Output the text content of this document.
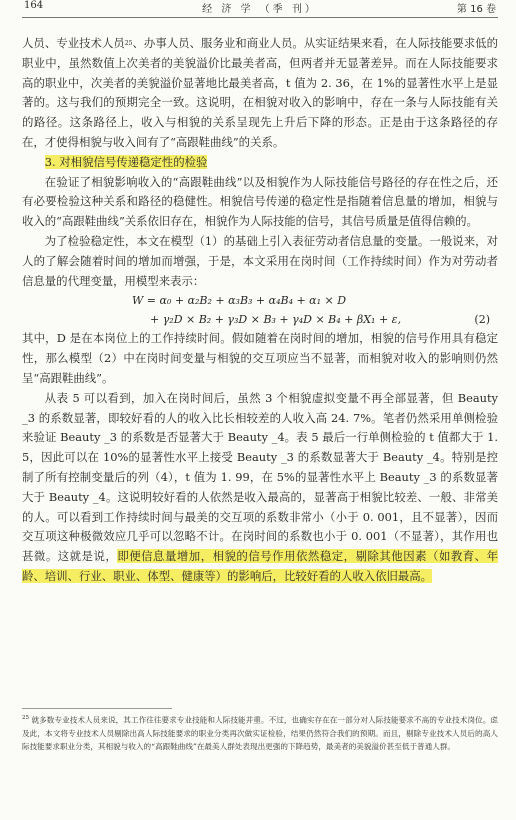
164	经 济 学 （季 刊）	第 16 卷

人员、专业技术人员$^{25}$、办事人员、服务业和商业人员。从实证结果来看，在人际技能要求低的职业中，虽然数值上次美者的美貌溢价比最美者高，但两者并无显著差异。而在人际技能要求高的职业中，次美者的美貌溢价显著地比最美者高，t 值为 2. 36，在 1%的显著性水平上是显著的。这与我们的预期完全一致。这说明，在相貌对收入的影响中，存在一条与人际技能有关的路径。这条路径上，收入与相貌的关系呈现先上升后下降的形态。正是由于这条路径的存在，才使得相貌与收入间有了“高跟鞋曲线”的关系。

3. 对相貌信号传递稳定性的检验

在验证了相貌影响收入的“高跟鞋曲线”以及相貌作为人际技能信号路径的存在性之后，还有必要检验这种关系和路径的稳健性。相貌信号传递的稳定性是指随着信息量的增加，相貌与收入的“高跟鞋曲线”关系依旧存在，相貌作为人际技能的信号，其信号质量是值得信赖的。

为了检验稳定性，本文在模型（1）的基础上引入表征劳动者信息量的变量。一般说来，对人的了解会随着时间的增加而增强，于是，本文采用在岗时间（工作持续时间）作为对劳动者信息量的代理变量，用模型来表示：

W = α₀ + α₂B₂ + α₃B₃ + α₄B₄ + α₁ × D
+ γ₂D × B₂ + γ₃D × B₃ + γ₄D × B₄ + βX₁ + ε,	(2)

其中，D 是在本岗位上的工作持续时间。假如随着在岗时间的增加，相貌的信号作用具有稳定性，那么模型（2）中在岗时间变量与相貌的交互项应当不显著，而相貌对收入的影响则仍然呈“高跟鞋曲线”。

从表 5 可以看到，加入在岗时间后，虽然 3 个相貌虚拟变量不再全部显著，但 Beauty _3 的系数显著，即较好看的人的收入比长相较差的人收入高 24. 7%。笔者仍然采用单侧检验来验证 Beauty _3 的系数是否显著大于 Beauty _4。表 5 最后一行单侧检验的 t 值都大于 1. 5，因此可以在 10%的显著性水平上接受 Beauty _3 的系数显著大于 Beauty _4。特别是控制了所有控制变量后的列（4），t 值为 1. 99，在 5%的显著性水平上 Beauty _3 的系数显著大于 Beauty _4。这说明较好看的人依然是收入最高的，显著高于相貌比较差、一般、非常美的人。可以看到工作持续时间与最美的交互项的系数非常小（小于 0. 001，且不显著），因而交互项这种极微效应几乎可以忽略不计。在岗时间的系数也小于 0. 001（不显著），其作用也甚微。这就是说，即便信息量增加，相貌的信号作用依然稳定，剔除其他因素（如教育、年龄、培训、行业、职业、体型、健康等）的影响后，比较好看的人收入依旧最高。

$^{25}$ 就多数专业技术人员来说，其工作往往要求专业技能和人际技能并重。不过，也确实存在在一部分对人际技能要求不高的专业技术岗位。虑及此，本文将专业技术人员剔除出高人际技能要求的职业分类再次做实证检验，结果仍然符合我们的预期。而且，剔除专业技术人员后的高人际技能要求职业分类，其相貌与收入的“高跟鞋曲线”在最美人群处表现出更强的下降趋势，最美者的美貌溢价甚至低于普通人群。
